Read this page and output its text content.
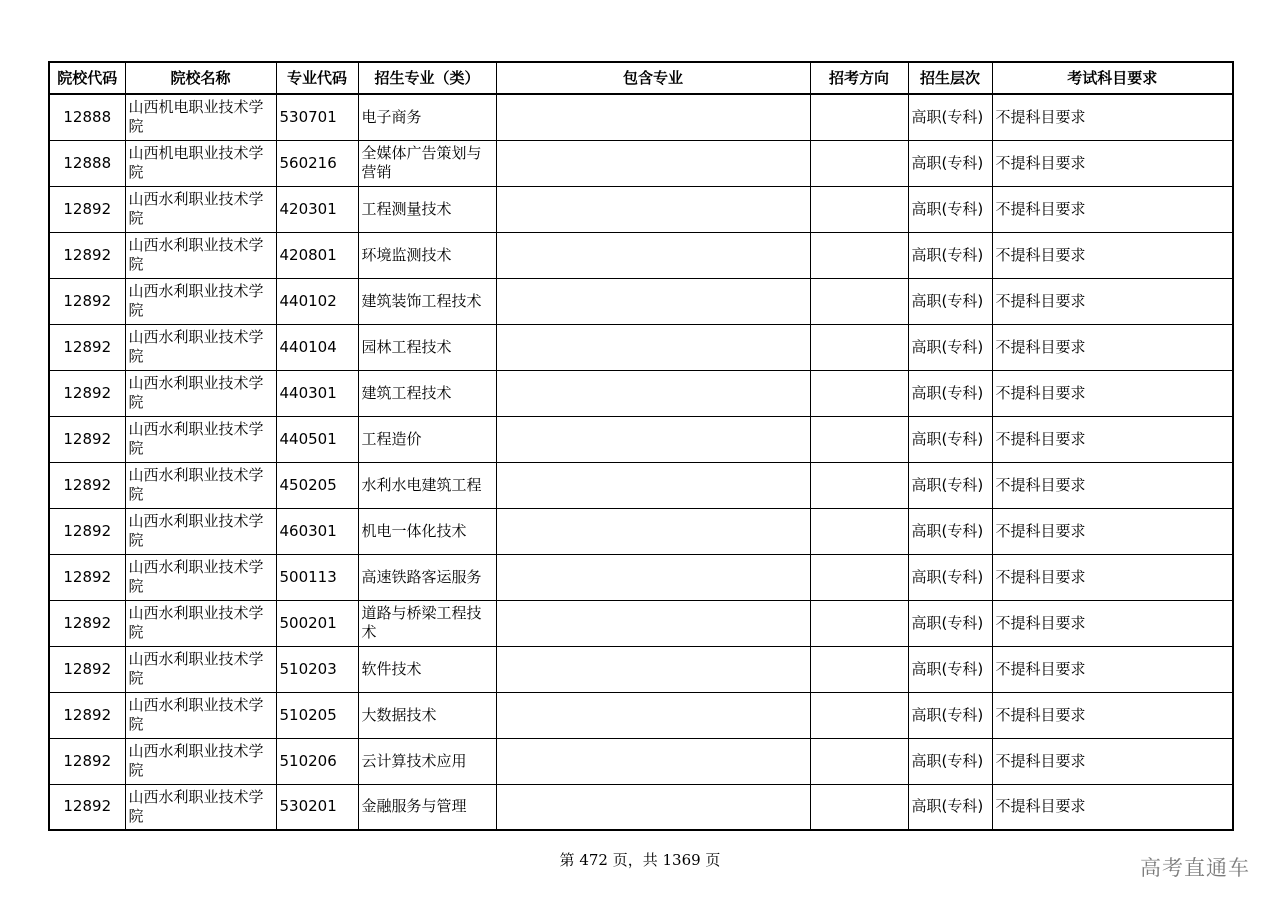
院校代码	院校名称	专业代码	招生专业（类）	包含专业	招考方向	招生层次	考试科目要求
12888	山西机电职业技术学院	530701	电子商务			高职(专科)	不提科目要求
12888	山西机电职业技术学院	560216	全媒体广告策划与营销			高职(专科)	不提科目要求
12892	山西水利职业技术学院	420301	工程测量技术			高职(专科)	不提科目要求
12892	山西水利职业技术学院	420801	环境监测技术			高职(专科)	不提科目要求
12892	山西水利职业技术学院	440102	建筑装饰工程技术			高职(专科)	不提科目要求
12892	山西水利职业技术学院	440104	园林工程技术			高职(专科)	不提科目要求
12892	山西水利职业技术学院	440301	建筑工程技术			高职(专科)	不提科目要求
12892	山西水利职业技术学院	440501	工程造价			高职(专科)	不提科目要求
12892	山西水利职业技术学院	450205	水利水电建筑工程			高职(专科)	不提科目要求
12892	山西水利职业技术学院	460301	机电一体化技术			高职(专科)	不提科目要求
12892	山西水利职业技术学院	500113	高速铁路客运服务			高职(专科)	不提科目要求
12892	山西水利职业技术学院	500201	道路与桥梁工程技术			高职(专科)	不提科目要求
12892	山西水利职业技术学院	510203	软件技术			高职(专科)	不提科目要求
12892	山西水利职业技术学院	510205	大数据技术			高职(专科)	不提科目要求
12892	山西水利职业技术学院	510206	云计算技术应用			高职(专科)	不提科目要求
12892	山西水利职业技术学院	530201	金融服务与管理			高职(专科)	不提科目要求
第 472 页，共 1369 页	高考直通车
